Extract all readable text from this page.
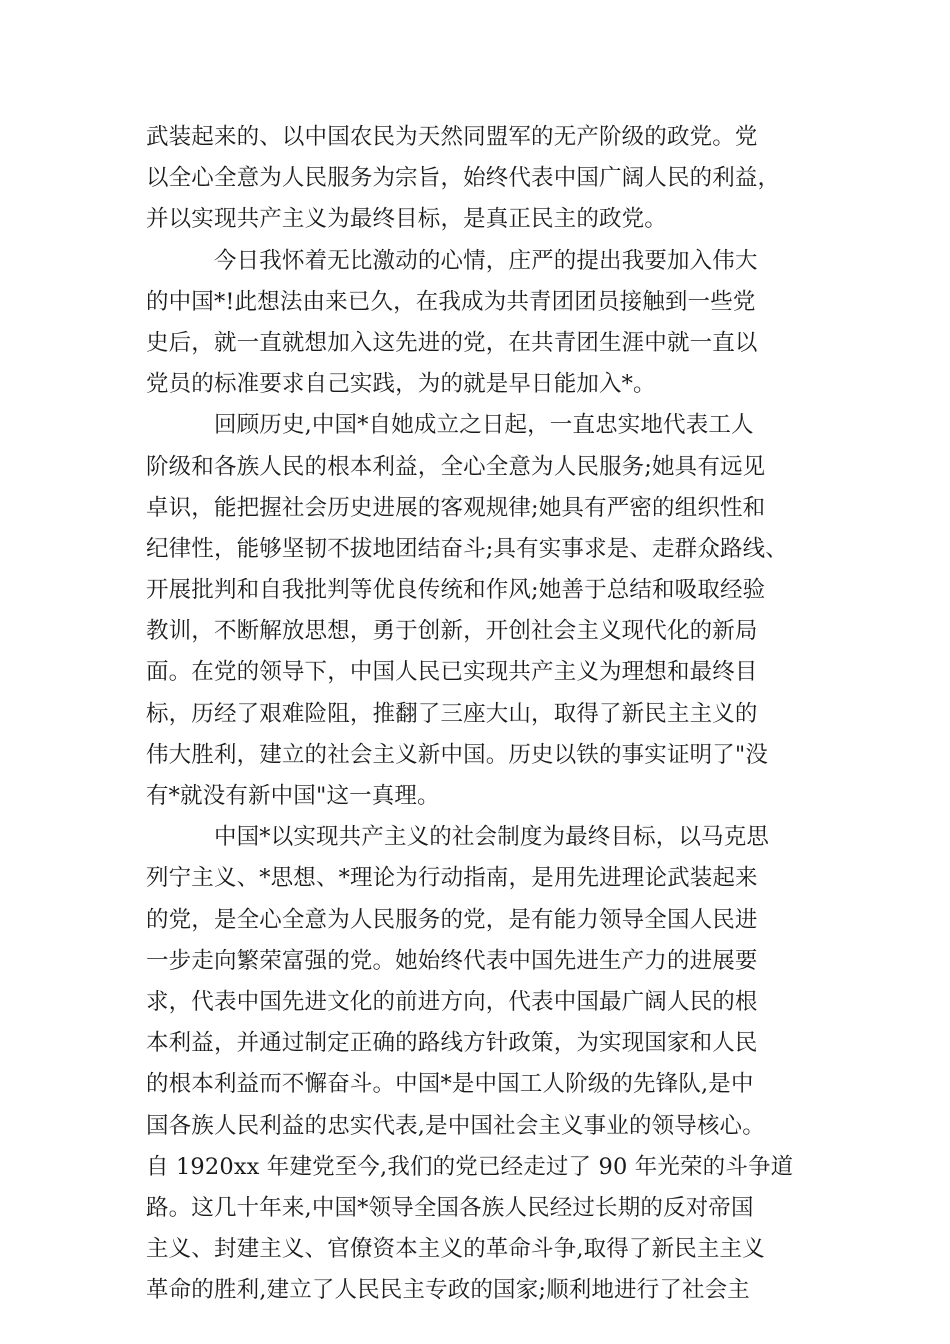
武装起来的、以中国农民为天然同盟军的无产阶级的政党。党
以全心全意为人民服务为宗旨，始终代表中国广阔人民的利益，
并以实现共产主义为最终目标，是真正民主的政党。
今日我怀着无比激动的心情，庄严的提出我要加入伟大
的中国*!此想法由来已久，在我成为共青团团员接触到一些党
史后，就一直就想加入这先进的党，在共青团生涯中就一直以
党员的标准要求自己实践，为的就是早日能加入*。
回顾历史,中国*自她成立之日起，一直忠实地代表工人
阶级和各族人民的根本利益，全心全意为人民服务;她具有远见
卓识，能把握社会历史进展的客观规律;她具有严密的组织性和
纪律性，能够坚韧不拔地团结奋斗;具有实事求是、走群众路线、
开展批判和自我批判等优良传统和作风;她善于总结和吸取经验
教训，不断解放思想，勇于创新，开创社会主义现代化的新局
面。在党的领导下，中国人民已实现共产主义为理想和最终目
标，历经了艰难险阻，推翻了三座大山，取得了新民主主义的
伟大胜利，建立的社会主义新中国。历史以铁的事实证明了"没
有*就没有新中国"这一真理。
中国*以实现共产主义的社会制度为最终目标，以马克思
列宁主义、*思想、*理论为行动指南，是用先进理论武装起来
的党，是全心全意为人民服务的党，是有能力领导全国人民进
一步走向繁荣富强的党。她始终代表中国先进生产力的进展要
求，代表中国先进文化的前进方向，代表中国最广阔人民的根
本利益，并通过制定正确的路线方针政策，为实现国家和人民
的根本利益而不懈奋斗。中国*是中国工人阶级的先锋队,是中
国各族人民利益的忠实代表,是中国社会主义事业的领导核心。
自 1920xx 年建党至今,我们的党已经走过了 90 年光荣的斗争道
路。这几十年来,中国*领导全国各族人民经过长期的反对帝国
主义、封建主义、官僚资本主义的革命斗争,取得了新民主主义
革命的胜利,建立了人民民主专政的国家;顺利地进行了社会主
